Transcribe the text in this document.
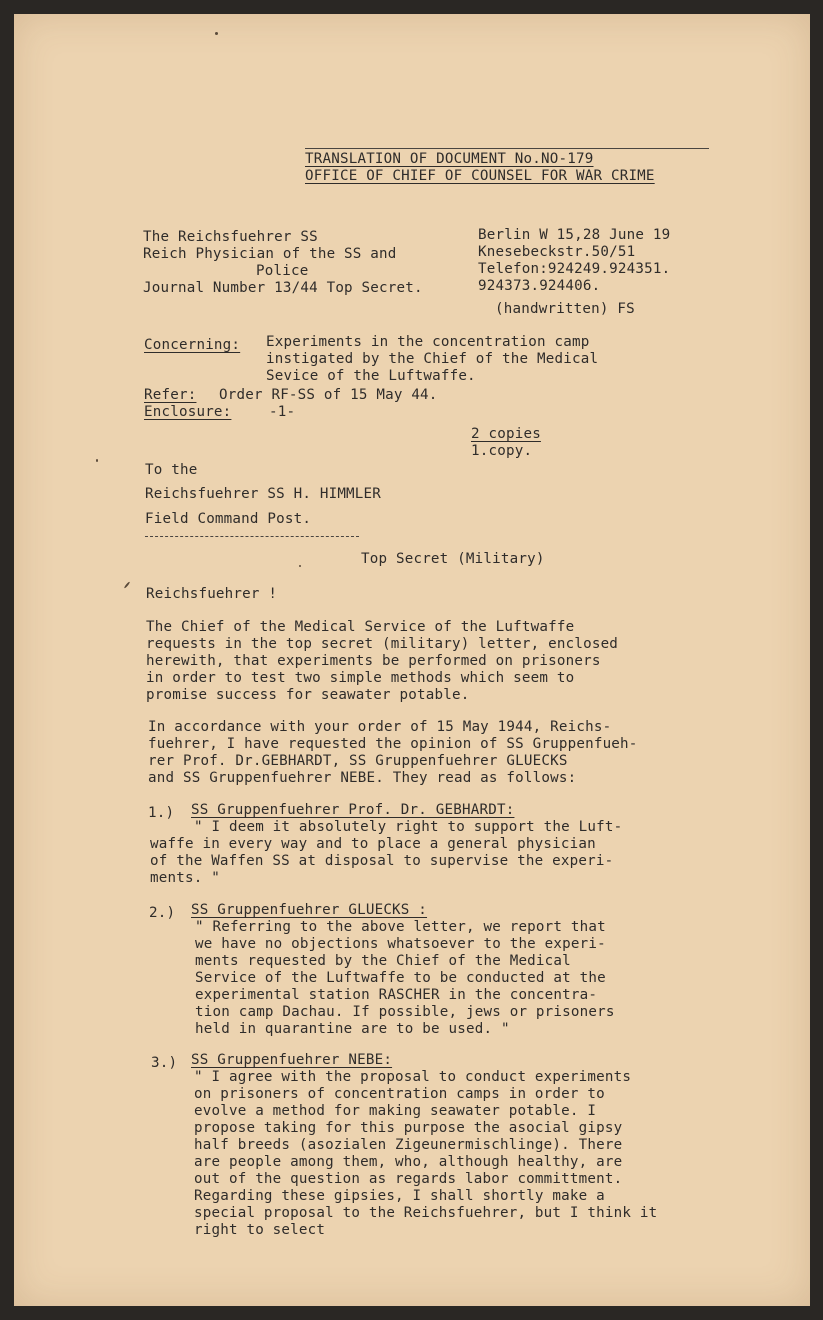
TRANSLATION OF DOCUMENT No.NO-179
OFFICE OF CHIEF OF COUNSEL FOR WAR CRIME
The Reichsfuehrer SS
Reich Physician of the SS and
Police
Journal Number 13/44 Top Secret.
Berlin W 15,28 June 19
Knesebeckstr.50/51
Telefon:924249.924351.
924373.924406.
(handwritten) FS
Concerning: Experiments in the concentration camp
instigated by the Chief of the Medical
Sevice of the Luftwaffe.
Refer: Order RF-SS of 15 May 44.
Enclosure:	-1-
2 copies
1.copy.
To the
Reichsfuehrer SS H. HIMMLER
Field Command Post.
Top Secret (Military)
Reichsfuehrer !
The Chief of the Medical Service of the Luftwaffe
requests in the top secret (military) letter, enclosed
herewith, that experiments be performed on prisoners
in order to test two simple methods which seem to
promise success for seawater potable.
In accordance with your order of 15 May 1944, Reichs-
fuehrer, I have requested the opinion of SS Gruppenfueh-
rer Prof. Dr.GEBHARDT, SS Gruppenfuehrer GLUECKS
and SS Gruppenfuehrer NEBE. They read as follows:
1.) SS Gruppenfuehrer Prof. Dr. GEBHARDT:
" I deem it absolutely right to support the Luft-
waffe in every way and to place a general physician
of the Waffen SS at disposal to supervise the experi-
ments. "
2.) SS Gruppenfuehrer GLUECKS :
" Referring to the above letter, we report that
we have no objections whatsoever to the experi-
ments requested by the Chief of the Medical
Service of the Luftwaffe to be conducted at the
experimental station RASCHER in the concentra-
tion camp Dachau. If possible, jews or prisoners
held in quarantine are to be used. "
3.) SS Gruppenfuehrer NEBE:
" I agree with the proposal to conduct experiments
on prisoners of concentration camps in order to
evolve a method for making seawater potable. I
propose taking for this purpose the asocial gipsy
half breeds (asozialen Zigeunermischlinge). There
are people among them, who, although healthy, are
out of the question as regards labor committment.
Regarding these gipsies, I shall shortly make a
special proposal to the Reichsfuehrer, but I think it
right to select
